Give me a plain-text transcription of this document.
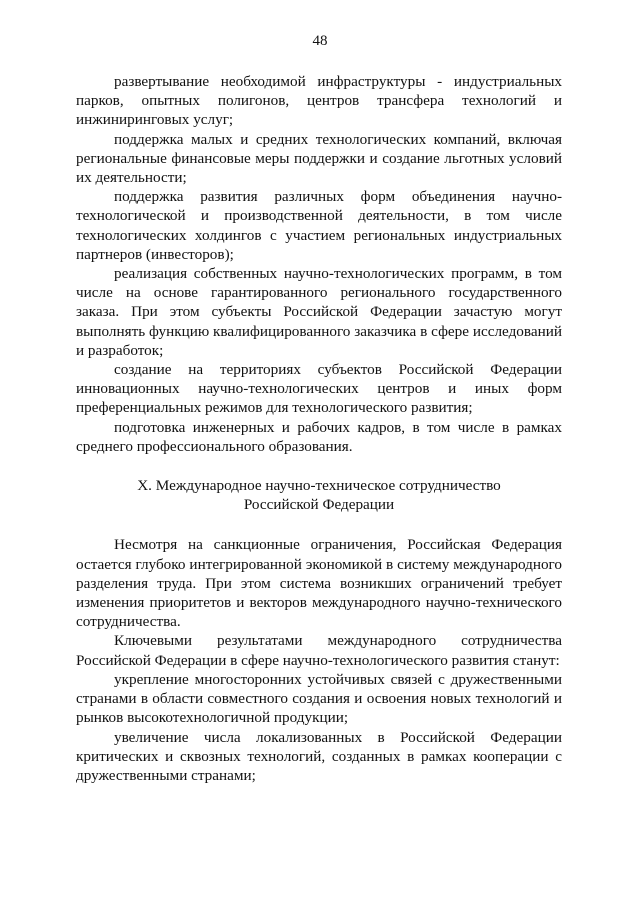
48

развертывание необходимой инфраструктуры - индустриальных парков, опытных полигонов, центров трансфера технологий и инжиниринговых услуг;

поддержка малых и средних технологических компаний, включая региональные финансовые меры поддержки и создание льготных условий их деятельности;

поддержка развития различных форм объединения научно-технологической и производственной деятельности, в том числе технологических холдингов с участием региональных индустриальных партнеров (инвесторов);

реализация собственных научно-технологических программ, в том числе на основе гарантированного регионального государственного заказа. При этом субъекты Российской Федерации зачастую могут выполнять функцию квалифицированного заказчика в сфере исследований и разработок;

создание на территориях субъектов Российской Федерации инновационных научно-технологических центров и иных форм преференциальных режимов для технологического развития;

подготовка инженерных и рабочих кадров, в том числе в рамках среднего профессионального образования.

X. Международное научно-техническое сотрудничество
Российской Федерации

Несмотря на санкционные ограничения, Российская Федерация остается глубоко интегрированной экономикой в систему международного разделения труда. При этом система возникших ограничений требует изменения приоритетов и векторов международного научно-технического сотрудничества.

Ключевыми результатами международного сотрудничества Российской Федерации в сфере научно-технологического развития станут:

укрепление многосторонних устойчивых связей с дружественными странами в области совместного создания и освоения новых технологий и рынков высокотехнологичной продукции;

увеличение числа локализованных в Российской Федерации критических и сквозных технологий, созданных в рамках кооперации с дружественными странами;
